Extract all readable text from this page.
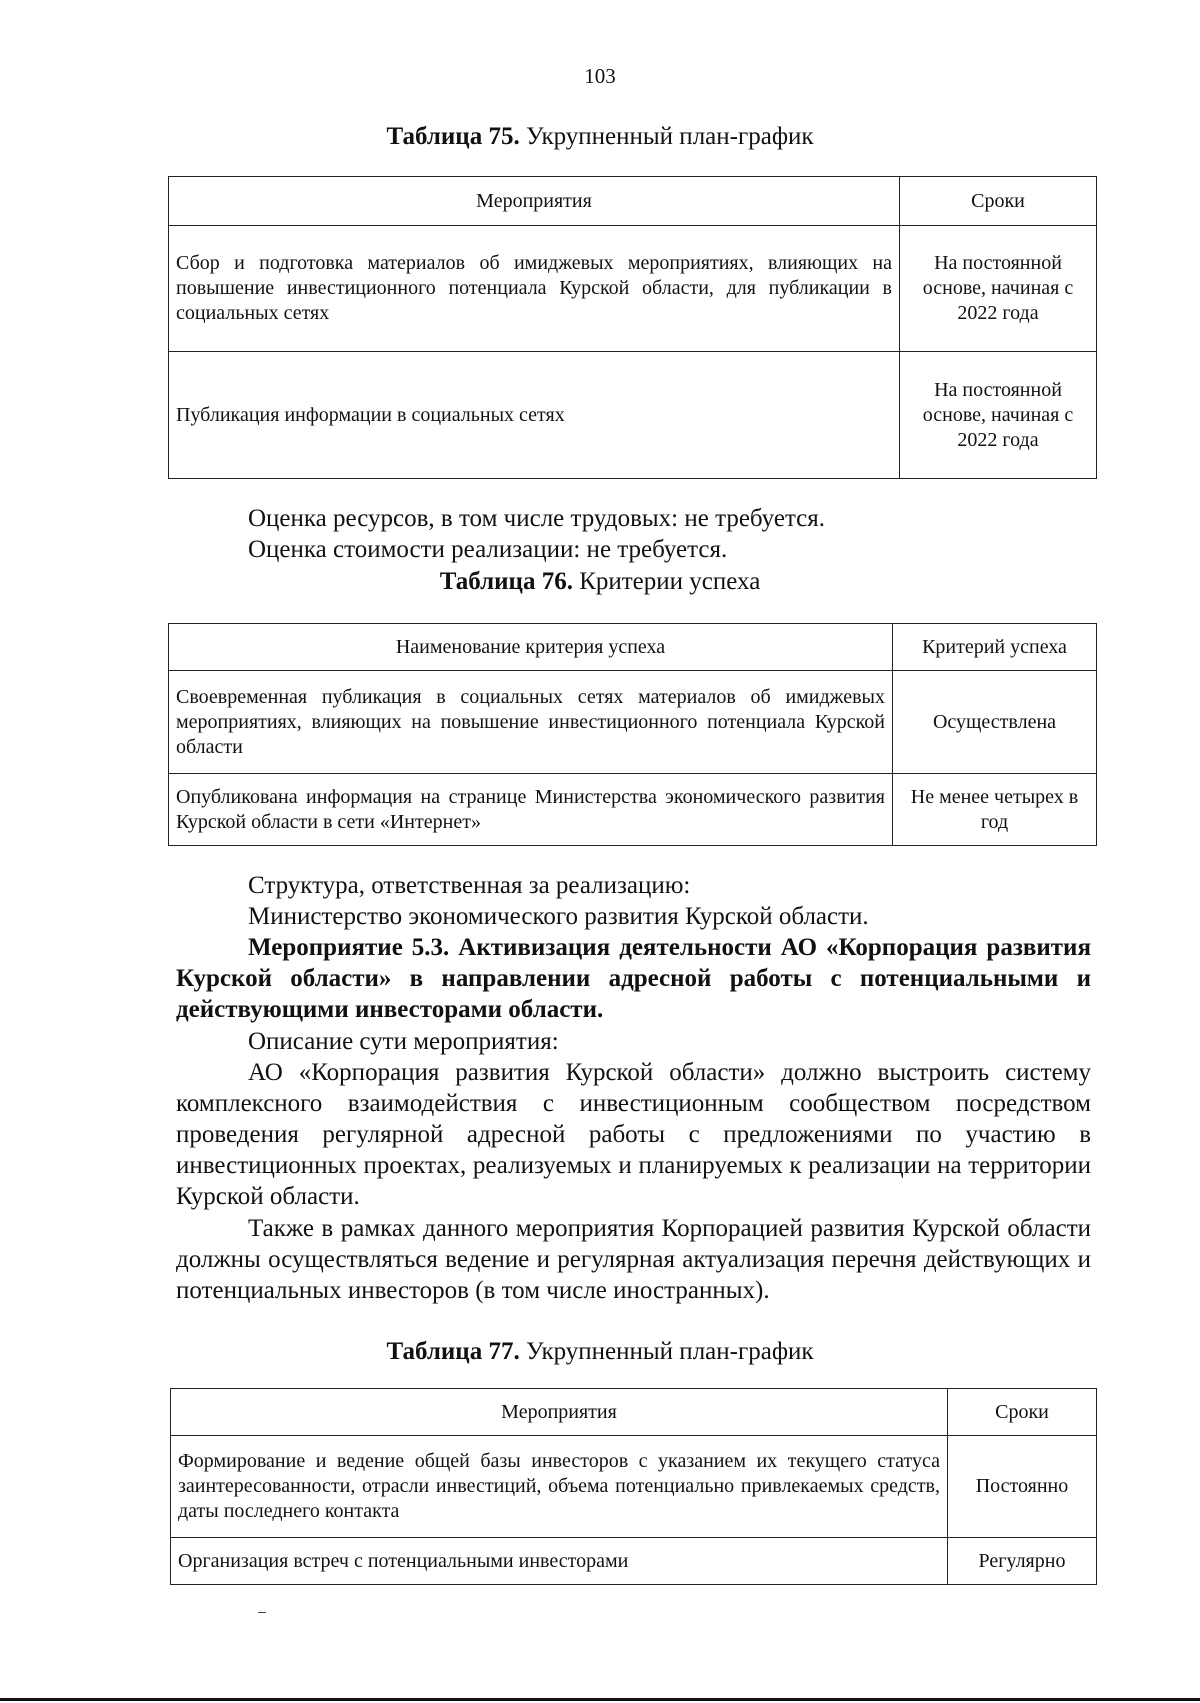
103
Таблица 75. Укрупненный план-график
Мероприятия	Сроки
Сбор и подготовка материалов об имиджевых мероприятиях, влияющих на повышение инвестиционного потенциала Курской области, для публикации в социальных сетях	На постоянной основе, начиная с 2022 года
Публикация информации в социальных сетях	На постоянной основе, начиная с 2022 года
Оценка ресурсов, в том числе трудовых: не требуется.
Оценка стоимости реализации: не требуется.
Таблица 76. Критерии успеха
Наименование критерия успеха	Критерий успеха
Своевременная публикация в социальных сетях материалов об имиджевых мероприятиях, влияющих на повышение инвестиционного потенциала Курской области	Осуществлена
Опубликована информация на странице Министерства экономического развития Курской области в сети «Интернет»	Не менее четырех в год
Структура, ответственная за реализацию:
Министерство экономического развития Курской области.
Мероприятие 5.3. Активизация деятельности АО «Корпорация развития Курской области» в направлении адресной работы с потенциальными и действующими инвесторами области.
Описание сути мероприятия:
АО «Корпорация развития Курской области» должно выстроить систему комплексного взаимодействия с инвестиционным сообществом посредством проведения регулярной адресной работы с предложениями по участию в инвестиционных проектах, реализуемых и планируемых к реализации на территории Курской области.
Также в рамках данного мероприятия Корпорацией развития Курской области должны осуществляться ведение и регулярная актуализация перечня действующих и потенциальных инвесторов (в том числе иностранных).
Таблица 77. Укрупненный план-график
Мероприятия	Сроки
Формирование и ведение общей базы инвесторов с указанием их текущего статуса заинтересованности, отрасли инвестиций, объема потенциально привлекаемых средств, даты последнего контакта	Постоянно
Организация встреч с потенциальными инвесторами	Регулярно
